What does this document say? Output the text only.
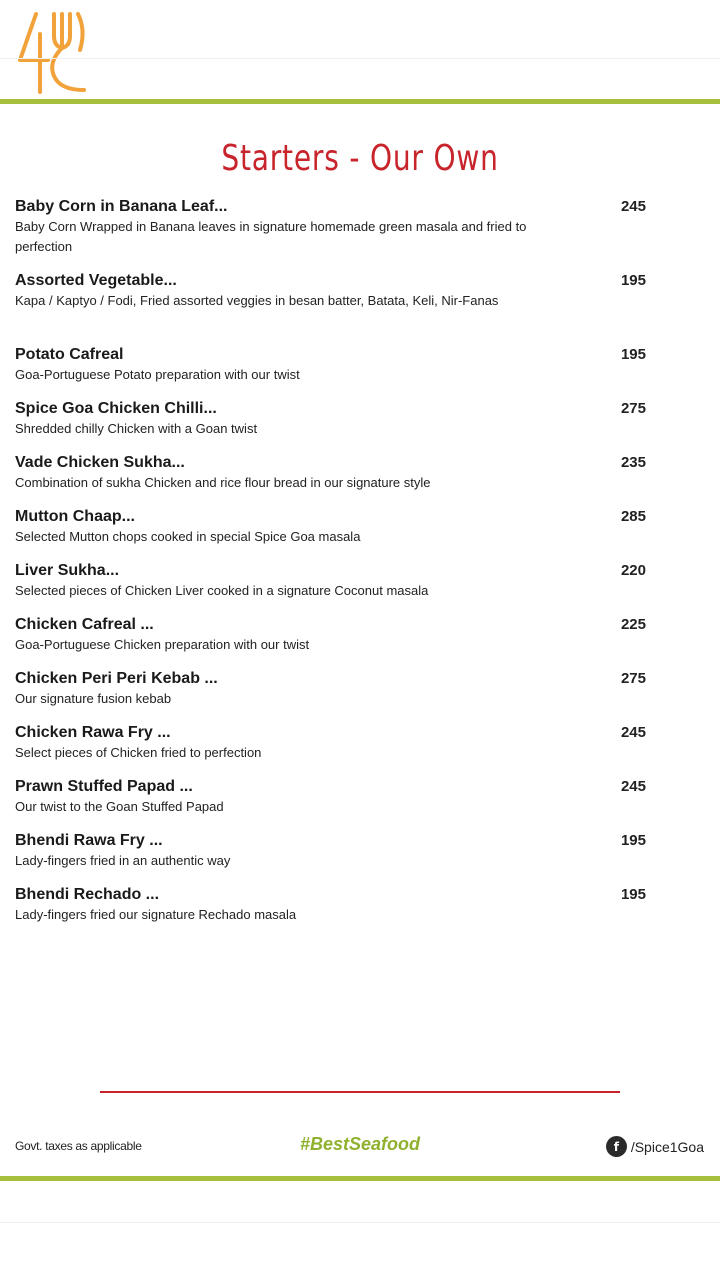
Starters - Our Own
Baby Corn in Banana Leaf...
Baby Corn Wrapped in Banana leaves in signature homemade green masala and fried to perfection
245
Assorted Vegetable...
Kapa / Kaptyo / Fodi, Fried assorted veggies in besan batter, Batata, Keli, Nir-Fanas
195
Potato Cafreal
Goa-Portuguese Potato preparation with our twist
195
Spice Goa Chicken Chilli...
Shredded chilly Chicken with a Goan twist
275
Vade Chicken Sukha...
Combination of sukha Chicken and rice flour bread in our signature style
235
Mutton Chaap...
Selected Mutton chops cooked in special Spice Goa masala
285
Liver Sukha...
Selected pieces of Chicken Liver cooked in a signature Coconut masala
220
Chicken Cafreal ...
Goa-Portuguese Chicken preparation with our twist
225
Chicken Peri Peri Kebab ...
Our signature fusion kebab
275
Chicken Rawa Fry ...
Select pieces of Chicken fried to perfection
245
Prawn Stuffed Papad ...
Our twist to the Goan Stuffed Papad
245
Bhendi Rawa Fry ...
Lady-fingers fried in an authentic way
195
Bhendi Rechado ...
Lady-fingers fried our signature Rechado masala
195
Govt. taxes as applicable	#BestSeafood	f /Spice1Goa
